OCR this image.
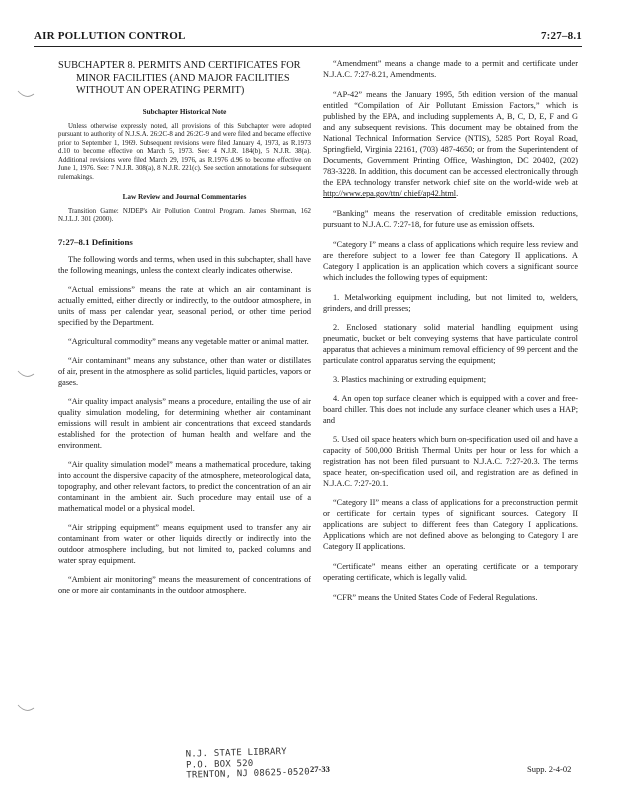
AIR POLLUTION CONTROL	7:27–8.1
SUBCHAPTER 8. PERMITS AND CERTIFICATES FOR MINOR FACILITIES (AND MAJOR FACILITIES WITHOUT AN OPERATING PERMIT)
Subchapter Historical Note
Unless otherwise expressly noted, all provisions of this Subchapter were adopted pursuant to authority of N.J.S.A. 26:2C-8 and 26:2C-9 and were filed and became effective prior to September 1, 1969. Subsequent revisions were filed January 4, 1973, as R.1973 d.10 to become effective on March 5, 1973. See: 4 N.J.R. 184(b), 5 N.J.R. 38(a). Additional revisions were filed March 29, 1976, as R.1976 d.96 to become effective on June 1, 1976. See: 7 N.J.R. 308(a), 8 N.J.R. 221(c). See section annotations for subsequent rulemakings.
Law Review and Journal Commentaries
Transition Game: NJDEP's Air Pollution Control Program. James Sherman, 162 N.J.L.J. 301 (2000).
7:27–8.1 Definitions

The following words and terms, when used in this subchapter, shall have the following meanings, unless the context clearly indicates otherwise.

“Actual emissions” means the rate at which an air contaminant is actually emitted, either directly or indirectly, to the outdoor atmosphere, in units of mass per calendar year, seasonal period, or other time period specified by the Department.

“Agricultural commodity” means any vegetable matter or animal matter.

“Air contaminant” means any substance, other than water or distillates of air, present in the atmosphere as solid particles, liquid particles, vapors or gases.

“Air quality impact analysis” means a procedure, entailing the use of air quality simulation modeling, for determining whether air contaminant emissions will result in ambient air concentrations that exceed standards established for the protection of human health and welfare and the environment.

“Air quality simulation model” means a mathematical procedure, taking into account the dispersive capacity of the atmosphere, meteorological data, topography, and other relevant factors, to predict the concentration of an air contaminant in the ambient air. Such procedure may entail use of a mathematical model or a physical model.

“Air stripping equipment” means equipment used to transfer any air contaminant from water or other liquids directly or indirectly into the outdoor atmosphere including, but not limited to, packed columns and water spray equipment.

“Ambient air monitoring” means the measurement of concentrations of one or more air contaminants in the outdoor atmosphere.

“Amendment” means a change made to a permit and certificate under N.J.A.C. 7:27-8.21, Amendments.

“AP-42” means the January 1995, 5th edition version of the manual entitled “Compilation of Air Pollutant Emission Factors,” which is published by the EPA, and including supplements A, B, C, D, E, F and G and any subsequent revisions. This document may be obtained from the National Technical Information Service (NTIS), 5285 Port Royal Road, Springfield, Virginia 22161, (703) 487-4650; or from the Superintendent of Documents, Government Printing Office, Washington, DC 20402, (202) 783-3228. In addition, this document can be accessed electronically through the EPA technology transfer network chief site on the world-wide web at http://www.epa.gov/ttn/ chief/ap42.html.

“Banking” means the reservation of creditable emission reductions, pursuant to N.J.A.C. 7:27-18, for future use as emission offsets.

“Category I” means a class of applications which require less review and are therefore subject to a lower fee than Category II applications. A Category I application is an application which covers a significant source which includes the following types of equipment:

1. Metalworking equipment including, but not limited to, welders, grinders, and drill presses;
2. Enclosed stationary solid material handling equipment using pneumatic, bucket or belt conveying systems that have particulate control apparatus that achieves a minimum removal efficiency of 99 percent and the particulate control apparatus serving the equipment;
3. Plastics machining or extruding equipment;
4. An open top surface cleaner which is equipped with a cover and free-board chiller. This does not include any surface cleaner which uses a HAP; and
5. Used oil space heaters which burn on-specification used oil and have a capacity of 500,000 British Thermal Units per hour or less for which a registration has not been filed pursuant to N.J.A.C. 7:27-20.3. The terms space heater, on-specification used oil, and registration are as defined in N.J.A.C. 7:27-20.1.

“Category II” means a class of applications for a preconstruction permit or certificate for certain types of significant sources. Category II applications are subject to different fees than Category I applications. Applications which are not defined above as belonging to Category I are Category II applications.

“Certificate” means either an operating certificate or a temporary operating certificate, which is legally valid.

“CFR” means the United States Code of Federal Regulations.

N.J. STATE LIBRARY
P.O. BOX 520
TRENTON, NJ 08625-0520 27-33	Supp. 2-4-02
